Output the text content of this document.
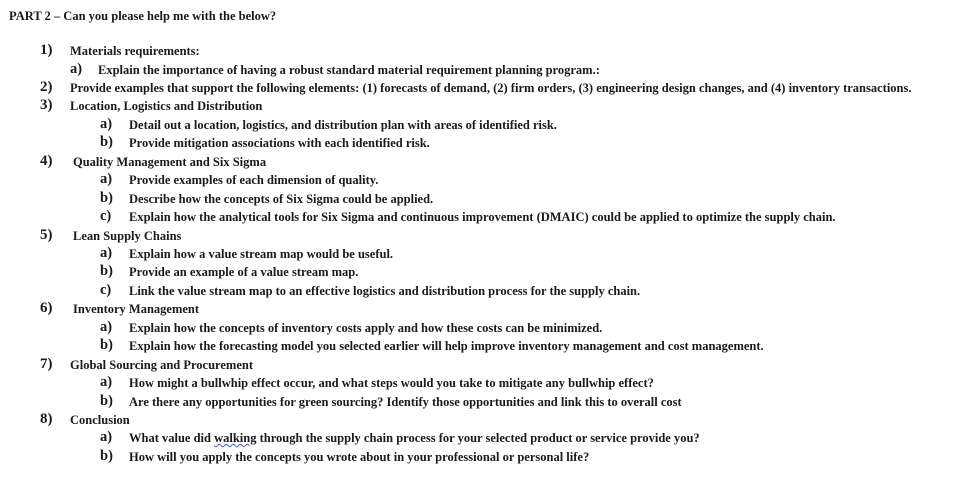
PART 2 – Can you please help me with the below?
1) Materials requirements:
a) Explain the importance of having a robust standard material requirement planning program.:
2) Provide examples that support the following elements: (1) forecasts of demand, (2) firm orders, (3) engineering design changes, and (4) inventory transactions.
3) Location, Logistics and Distribution
a) Detail out a location, logistics, and distribution plan with areas of identified risk.
b) Provide mitigation associations with each identified risk.
4) Quality Management and Six Sigma
a) Provide examples of each dimension of quality.
b) Describe how the concepts of Six Sigma could be applied.
c) Explain how the analytical tools for Six Sigma and continuous improvement (DMAIC) could be applied to optimize the supply chain.
5) Lean Supply Chains
a) Explain how a value stream map would be useful.
b) Provide an example of a value stream map.
c) Link the value stream map to an effective logistics and distribution process for the supply chain.
6) Inventory Management
a) Explain how the concepts of inventory costs apply and how these costs can be minimized.
b) Explain how the forecasting model you selected earlier will help improve inventory management and cost management.
7) Global Sourcing and Procurement
a) How might a bullwhip effect occur, and what steps would you take to mitigate any bullwhip effect?
b) Are there any opportunities for green sourcing? Identify those opportunities and link this to overall cost
8) Conclusion
a) What value did walking through the supply chain process for your selected product or service provide you?
b) How will you apply the concepts you wrote about in your professional or personal life?
